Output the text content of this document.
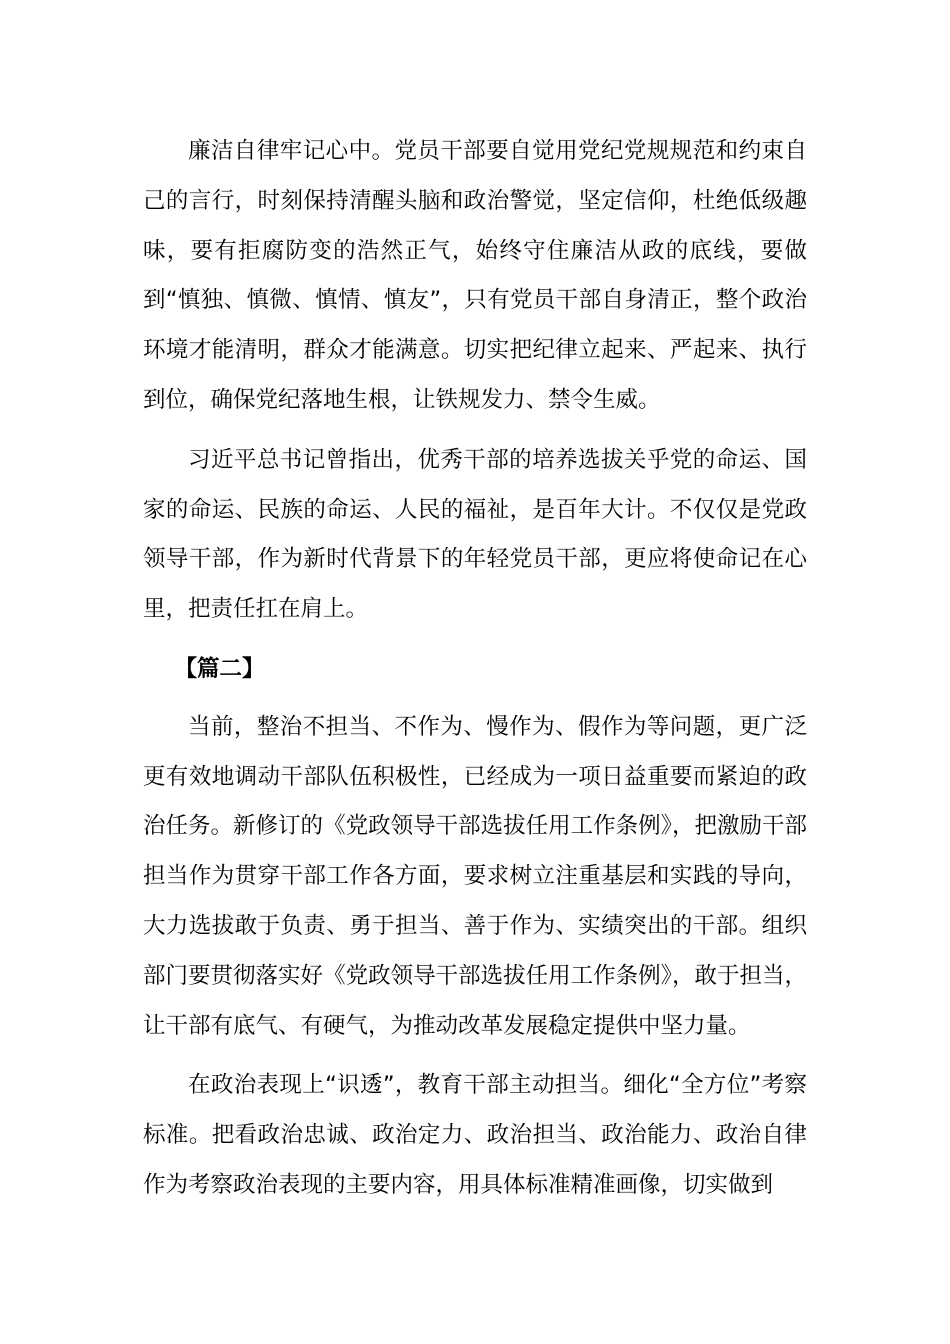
廉洁自律牢记心中。党员干部要自觉用党纪党规规范和约束自己的言行，时刻保持清醒头脑和政治警觉，坚定信仰，杜绝低级趣味，要有拒腐防变的浩然正气，始终守住廉洁从政的底线，要做到“慎独、慎微、慎情、慎友”，只有党员干部自身清正，整个政治环境才能清明，群众才能满意。切实把纪律立起来、严起来、执行到位，确保党纪落地生根，让铁规发力、禁令生威。

习近平总书记曾指出，优秀干部的培养选拔关乎党的命运、国家的命运、民族的命运、人民的福祉，是百年大计。不仅仅是党政领导干部，作为新时代背景下的年轻党员干部，更应将使命记在心里，把责任扛在肩上。

【篇二】

当前，整治不担当、不作为、慢作为、假作为等问题，更广泛更有效地调动干部队伍积极性，已经成为一项日益重要而紧迫的政治任务。新修订的《党政领导干部选拔任用工作条例》，把激励干部担当作为贯穿干部工作各方面，要求树立注重基层和实践的导向，大力选拔敢于负责、勇于担当、善于作为、实绩突出的干部。组织部门要贯彻落实好《党政领导干部选拔任用工作条例》，敢于担当，让干部有底气、有硬气，为推动改革发展稳定提供中坚力量。

在政治表现上“识透”，教育干部主动担当。细化“全方位”考察标准。把看政治忠诚、政治定力、政治担当、政治能力、政治自律作为考察政治表现的主要内容，用具体标准精准画像，切实做到
